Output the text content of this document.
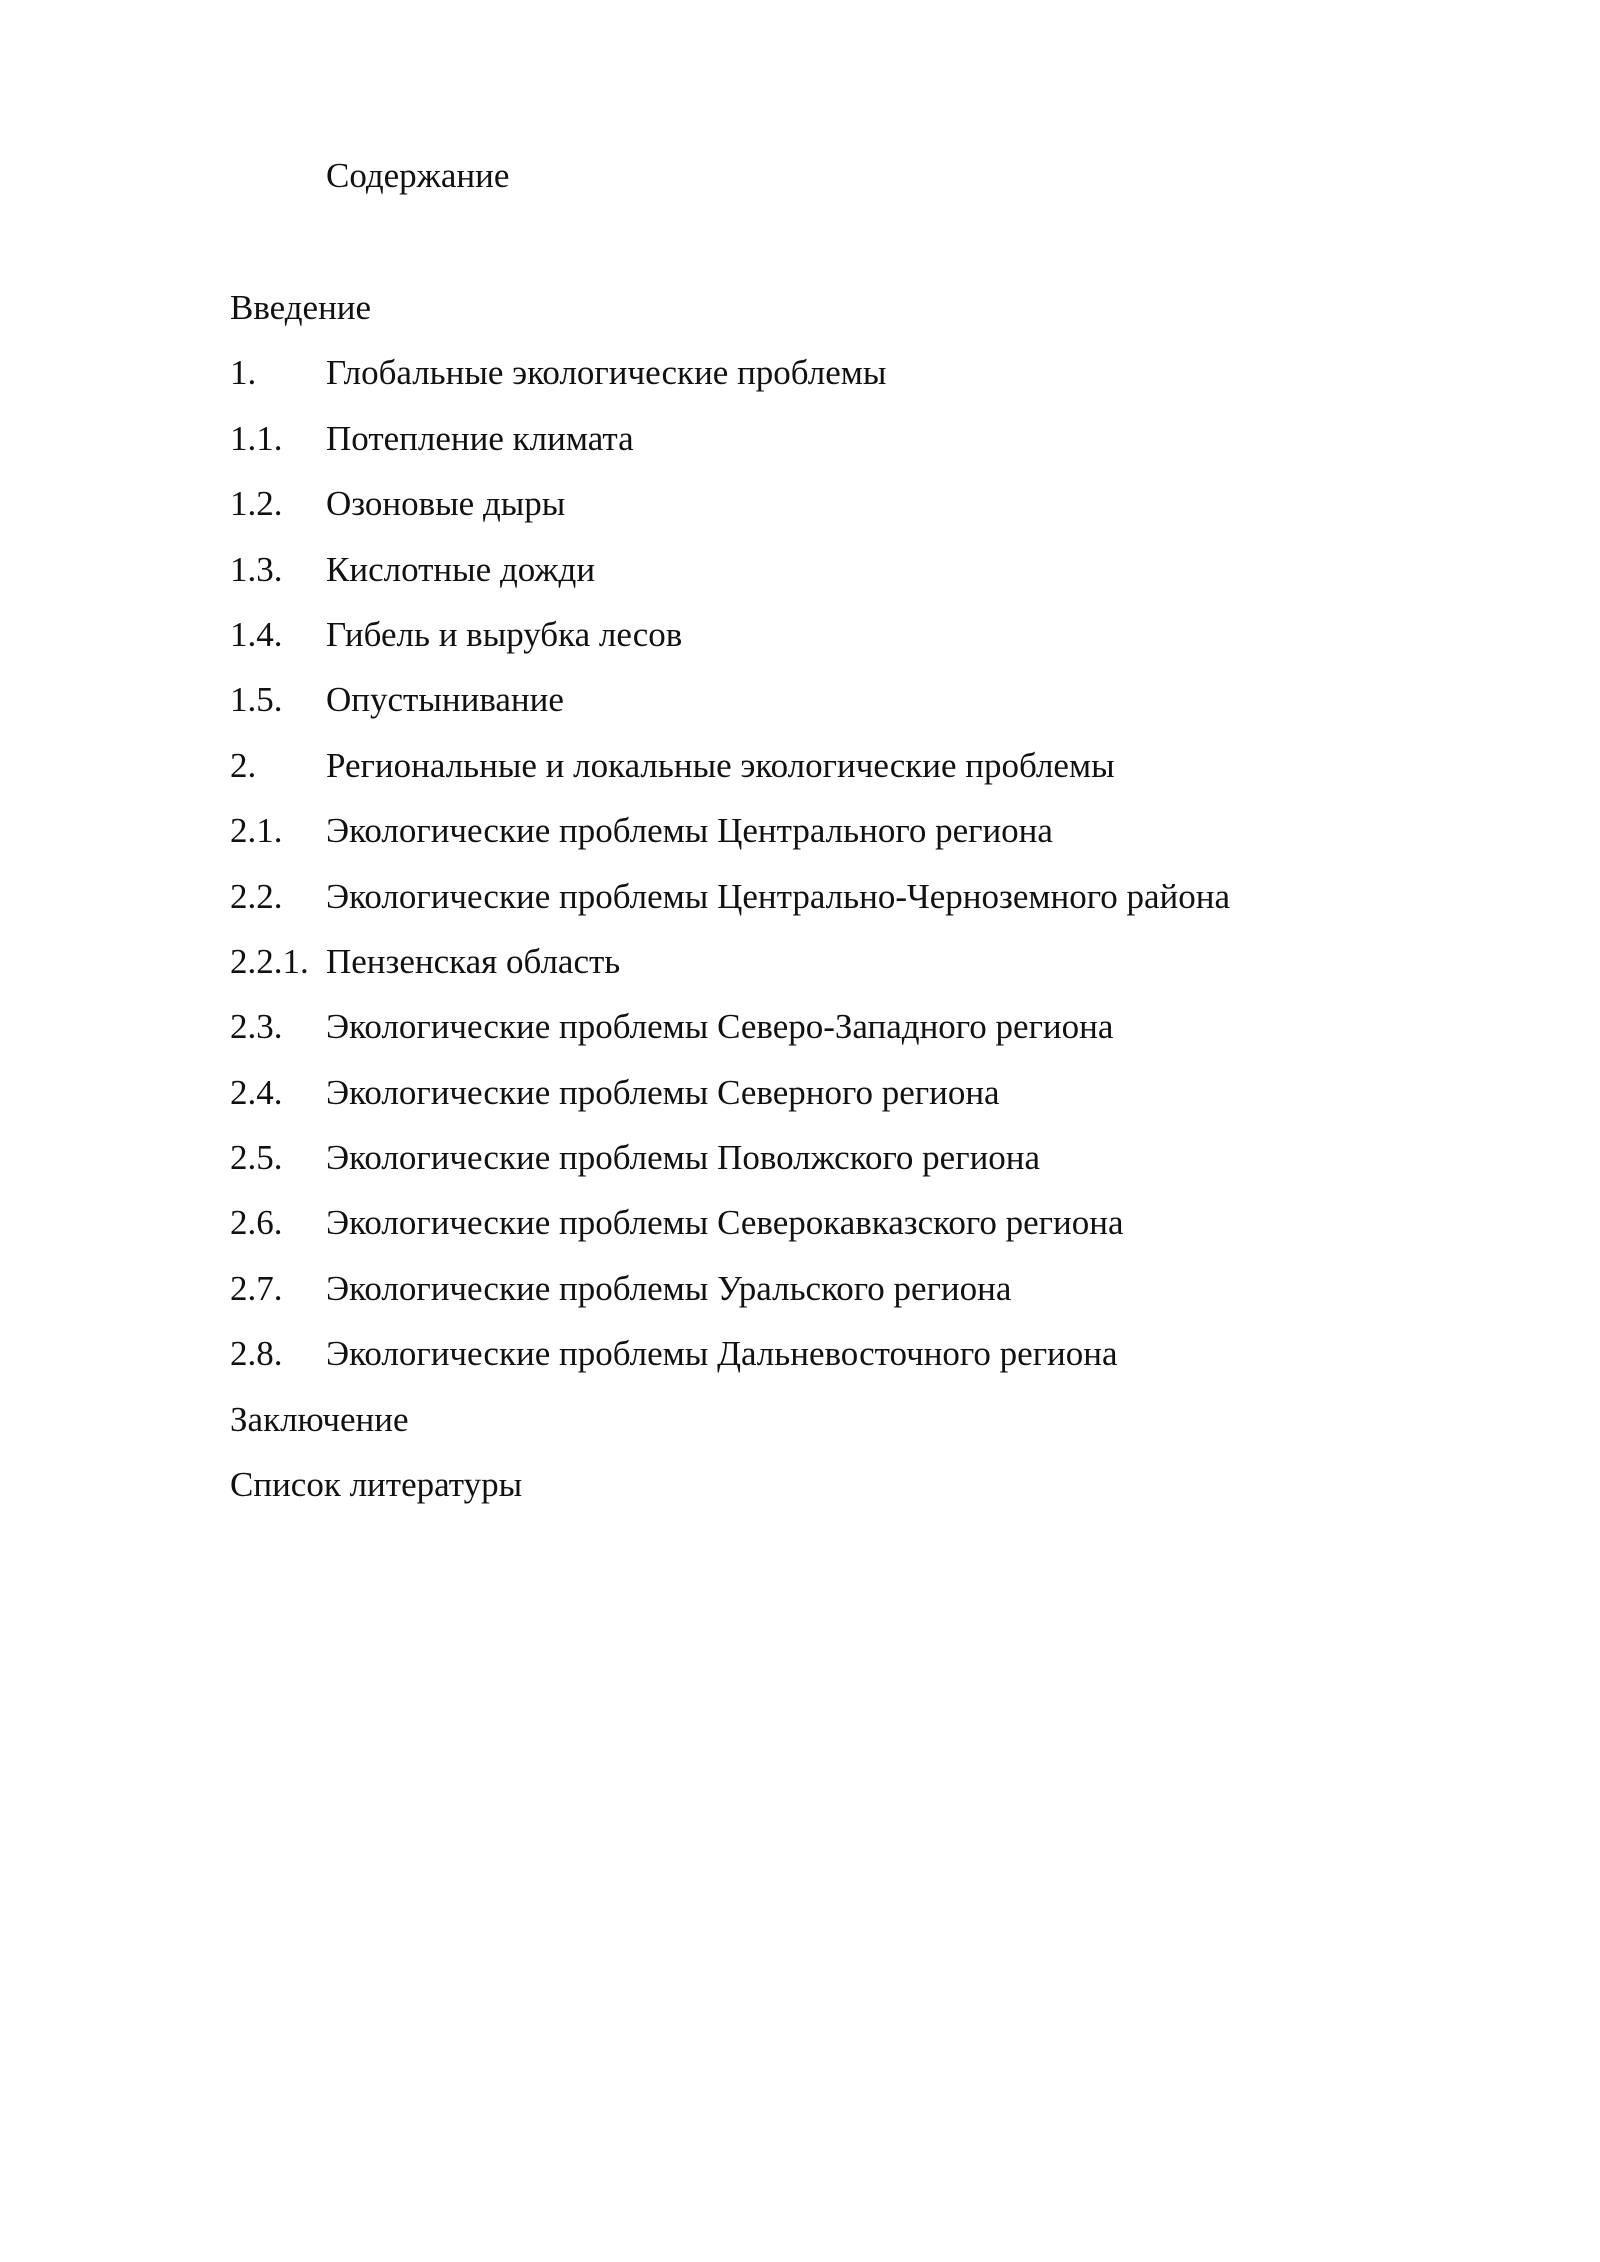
Содержание
Введение
1. Глобальные экологические проблемы
1.1. Потепление климата
1.2. Озоновые дыры
1.3. Кислотные дожди
1.4. Гибель и вырубка лесов
1.5. Опустынивание
2. Региональные и локальные экологические проблемы
2.1. Экологические проблемы Центрального региона
2.2. Экологические проблемы Центрально-Черноземного района
2.2.1. Пензенская область
2.3. Экологические проблемы Северо-Западного региона
2.4. Экологические проблемы Северного региона
2.5. Экологические проблемы Поволжского региона
2.6. Экологические проблемы Северокавказского региона
2.7. Экологические проблемы Уральского региона
2.8. Экологические проблемы Дальневосточного региона
Заключение
Список литературы
